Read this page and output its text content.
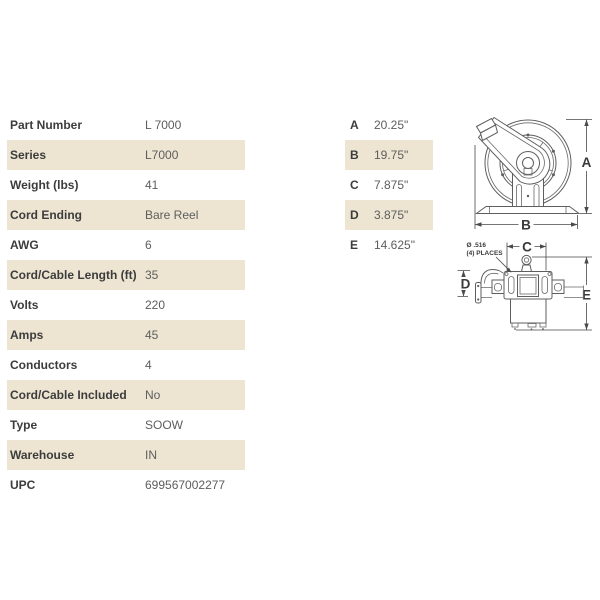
Part Number	L 7000
Series	L7000
Weight (lbs)	41
Cord Ending	Bare Reel
AWG	6
Cord/Cable Length (ft) 35
Volts	220
Amps	45
Conductors	4
Cord/Cable Included	No
Type	SOOW
Warehouse	IN
UPC	699567002277
A	20.25"
B	19.75"
C	7.875"
D	3.875"
E	14.625"
A
B
C
E
D
Ø .516
(4) PLACES
